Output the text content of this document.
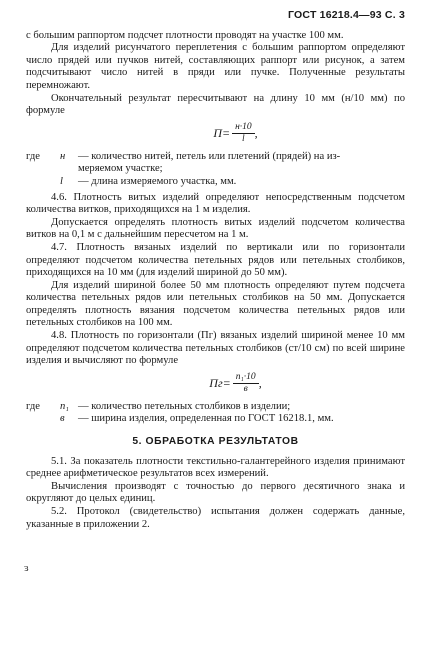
ГОСТ 16218.4—93 С. 3

с большим раппортом подсчет плотности проводят на участке 100 мм.

Для изделий рисунчатого переплетения с большим раппортом определяют число прядей или пучков нитей, составляющих раппорт или рисунок, а затем подсчитывают число нитей в пряди или пучке. Полученные результаты перемножают.

Окончательный результат пересчитывают на длину 10 мм (н/10 мм) по формуле

$П= \frac{н\cdot 10}{l}$ ,
где	н	— количество нитей, петель или плетений (прядей) на из-
меряемом участке;
l	— длина измеряемого участка, мм.

4.6. Плотность витых изделий определяют непосредственным подсчетом количества витков, приходящихся на 1 м изделия.

Допускается определять плотность витых изделий подсчетом количества витков на 0,1 м с дальнейшим пересчетом на 1 м.

4.7. Плотность вязаных изделий по вертикали или по горизонтали определяют подсчетом количества петельных рядов или петельных столбиков, приходящихся на 10 мм (для изделий шириной до 50 мм).

Для изделий шириной более 50 мм плотность определяют путем подсчета количества петельных рядов или петельных столбиков на 50 мм. Допускается определять плотность вязания подсчетом количества петельных рядов или петельных столбиков на 100 мм.

4.8. Плотность по горизонтали (Пг) вязаных изделий шириной менее 10 мм определяют подсчетом количества петельных столбиков (ст/10 см) по всей ширине изделия и вычисляют по формуле

$Пг= \frac{\text{n₁·10}}{в}$ ,
где	n₁ — количество петельных столбиков в изделии;
в	— ширина изделия, определенная по ГОСТ 16218.1, мм.
5. ОБРАБОТКА РЕЗУЛЬТАТОВ

5.1. За показатель плотности текстильно-галантерейного изделия принимают среднее арифметическое результатов всех измерений.

Вычисления производят с точностью до первого десятичного знака и округляют до целых единиц.

5.2. Протокол (свидетельство) испытания должен содержать данные, указанные в приложении 2.

ɜ
